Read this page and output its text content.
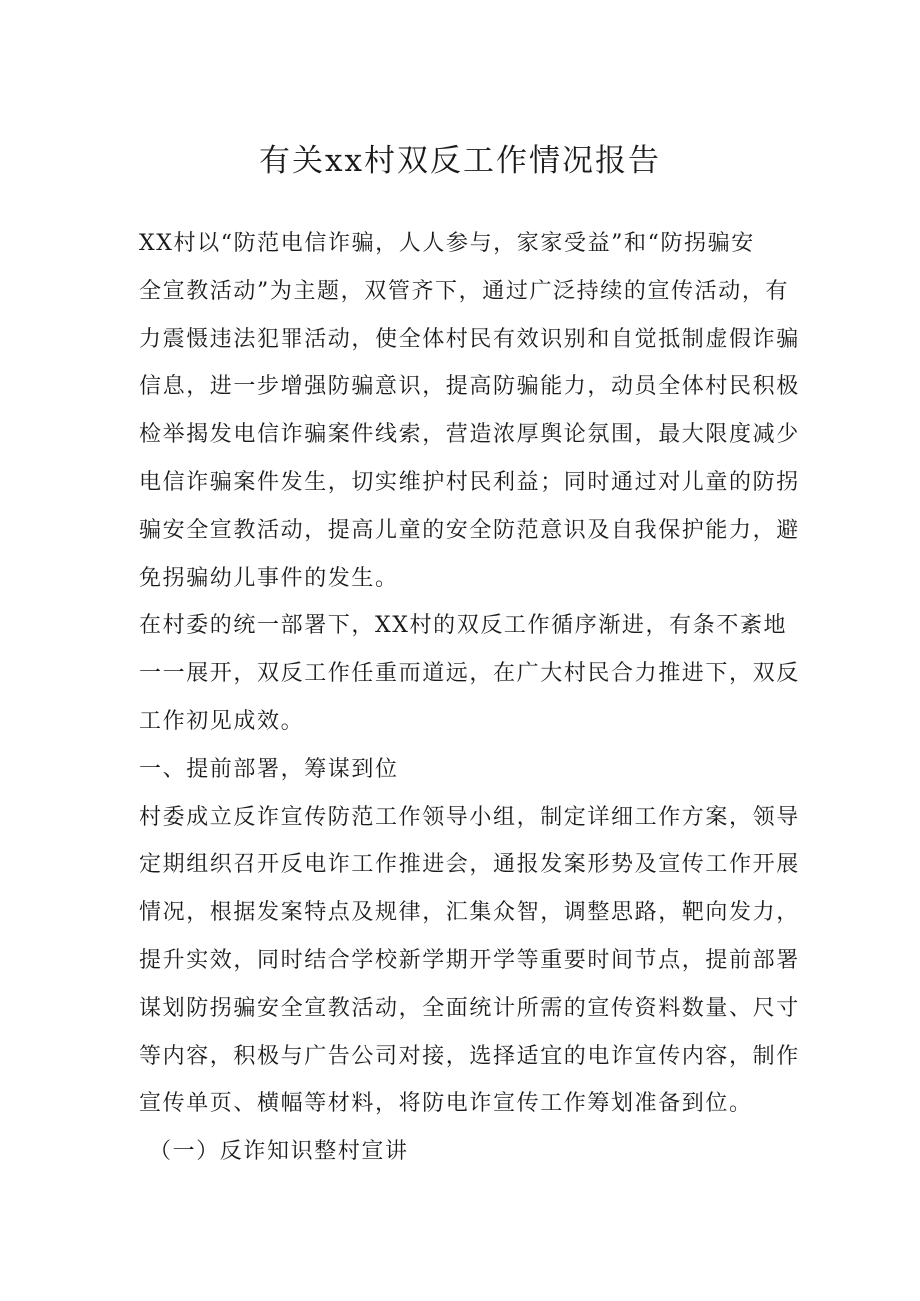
有关xx村双反工作情况报告
XX村以“防范电信诈骗，人人参与，家家受益”和“防拐骗安
全宣教活动”为主题，双管齐下，通过广泛持续的宣传活动，有
力震慑违法犯罪活动，使全体村民有效识别和自觉抵制虚假诈骗
信息，进一步增强防骗意识，提高防骗能力，动员全体村民积极
检举揭发电信诈骗案件线索，营造浓厚舆论氛围，最大限度减少
电信诈骗案件发生，切实维护村民利益；同时通过对儿童的防拐
骗安全宣教活动，提高儿童的安全防范意识及自我保护能力，避
免拐骗幼儿事件的发生。
在村委的统一部署下，XX村的双反工作循序渐进，有条不紊地
一一展开，双反工作任重而道远，在广大村民合力推进下，双反
工作初见成效。
一、提前部署，筹谋到位
村委成立反诈宣传防范工作领导小组，制定详细工作方案，领导
定期组织召开反电诈工作推进会，通报发案形势及宣传工作开展
情况，根据发案特点及规律，汇集众智，调整思路，靶向发力，
提升实效，同时结合学校新学期开学等重要时间节点，提前部署
谋划防拐骗安全宣教活动，全面统计所需的宣传资料数量、尺寸
等内容，积极与广告公司对接，选择适宜的电诈宣传内容，制作
宣传单页、横幅等材料，将防电诈宣传工作筹划准备到位。
（一）反诈知识整村宣讲
